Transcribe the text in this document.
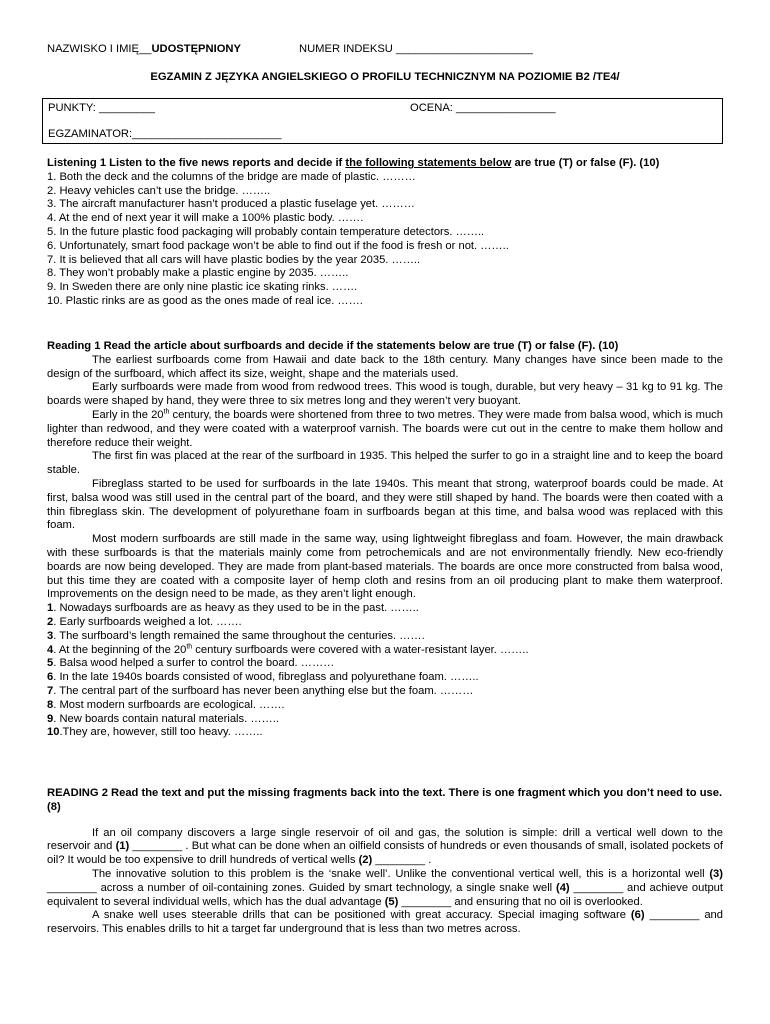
NAZWISKO I IMIĘ__UDOSTĘPNIONY	NUMER INDEKSU ______________________
EGZAMIN Z JĘZYKA ANGIELSKIEGO O PROFILU TECHNICZNYM NA POZIOMIE B2 /TE4/
PUNKTY: _________	OCENA: ________________
EGZAMINATOR:________________________

Listening 1 Listen to the five news reports and decide if the following statements below are true (T) or false (F). (10)

1. Both the deck and the columns of the bridge are made of plastic. ………

2. Heavy vehicles can’t use the bridge. ……..

3. The aircraft manufacturer hasn’t produced a plastic fuselage yet. ………

4. At the end of next year it will make a 100% plastic body. …….

5. In the future plastic food packaging will probably contain temperature detectors. ……..

6. Unfortunately, smart food package won’t be able to find out if the food is fresh or not. ……..

7. It is believed that all cars will have plastic bodies by the year 2035. ……..

8. They won’t probably make a plastic engine by 2035. ……..

9. In Sweden there are only nine plastic ice skating rinks. …….

10. Plastic rinks are as good as the ones made of real ice. …….

Reading 1 Read the article about surfboards and decide if the statements below are true (T) or false (F). (10)

The earliest surfboards come from Hawaii and date back to the 18th century. Many changes have since been made to the design of the surfboard, which affect its size, weight, shape and the materials used.

Early surfboards were made from wood from redwood trees. This wood is tough, durable, but very heavy – 31 kg to 91 kg. The boards were shaped by hand, they were three to six metres long and they weren’t very buoyant.

Early in the 20th century, the boards were shortened from three to two metres. They were made from balsa wood, which is much lighter than redwood, and they were coated with a waterproof varnish. The boards were cut out in the centre to make them hollow and therefore reduce their weight.

The first fin was placed at the rear of the surfboard in 1935. This helped the surfer to go in a straight line and to keep the board stable.

Fibreglass started to be used for surfboards in the late 1940s. This meant that strong, waterproof boards could be made. At first, balsa wood was still used in the central part of the board, and they were still shaped by hand. The boards were then coated with a thin fibreglass skin. The development of polyurethane foam in surfboards began at this time, and balsa wood was replaced with this foam.

Most modern surfboards are still made in the same way, using lightweight fibreglass and foam. However, the main drawback with these surfboards is that the materials mainly come from petrochemicals and are not environmentally friendly. New eco-friendly boards are now being developed. They are made from plant-based materials. The boards are once more constructed from balsa wood, but this time they are coated with a composite layer of hemp cloth and resins from an oil producing plant to make them waterproof. Improvements on the design need to be made, as they aren’t light enough.

1. Nowadays surfboards are as heavy as they used to be in the past. ……..

2. Early surfboards weighed a lot. …….

3. The surfboard’s length remained the same throughout the centuries. …….

4. At the beginning of the 20th century surfboards were covered with a water-resistant layer. ……..

5. Balsa wood helped a surfer to control the board. ………

6. In the late 1940s boards consisted of wood, fibreglass and polyurethane foam. ……..

7. The central part of the surfboard has never been anything else but the foam. ………

8. Most modern surfboards are ecological. …….

9. New boards contain natural materials. ……..

10.They are, however, still too heavy. ……..

READING 2 Read the text and put the missing fragments back into the text. There is one fragment which you don’t need to use. (8)

If an oil company discovers a large single reservoir of oil and gas, the solution is simple: drill a vertical well down to the reservoir and (1) ________ . But what can be done when an oilfield consists of hundreds or even thousands of small, isolated pockets of oil? It would be too expensive to drill hundreds of vertical wells (2) ________ .

The innovative solution to this problem is the ‘snake well’. Unlike the conventional vertical well, this is a horizontal well (3) ________ across a number of oil-containing zones. Guided by smart technology, a single snake well (4) ________ and achieve output equivalent to several individual wells, which has the dual advantage (5) ________ and ensuring that no oil is overlooked.

A snake well uses steerable drills that can be positioned with great accuracy. Special imaging software (6) ________ and reservoirs. This enables drills to hit a target far underground that is less than two metres across.
